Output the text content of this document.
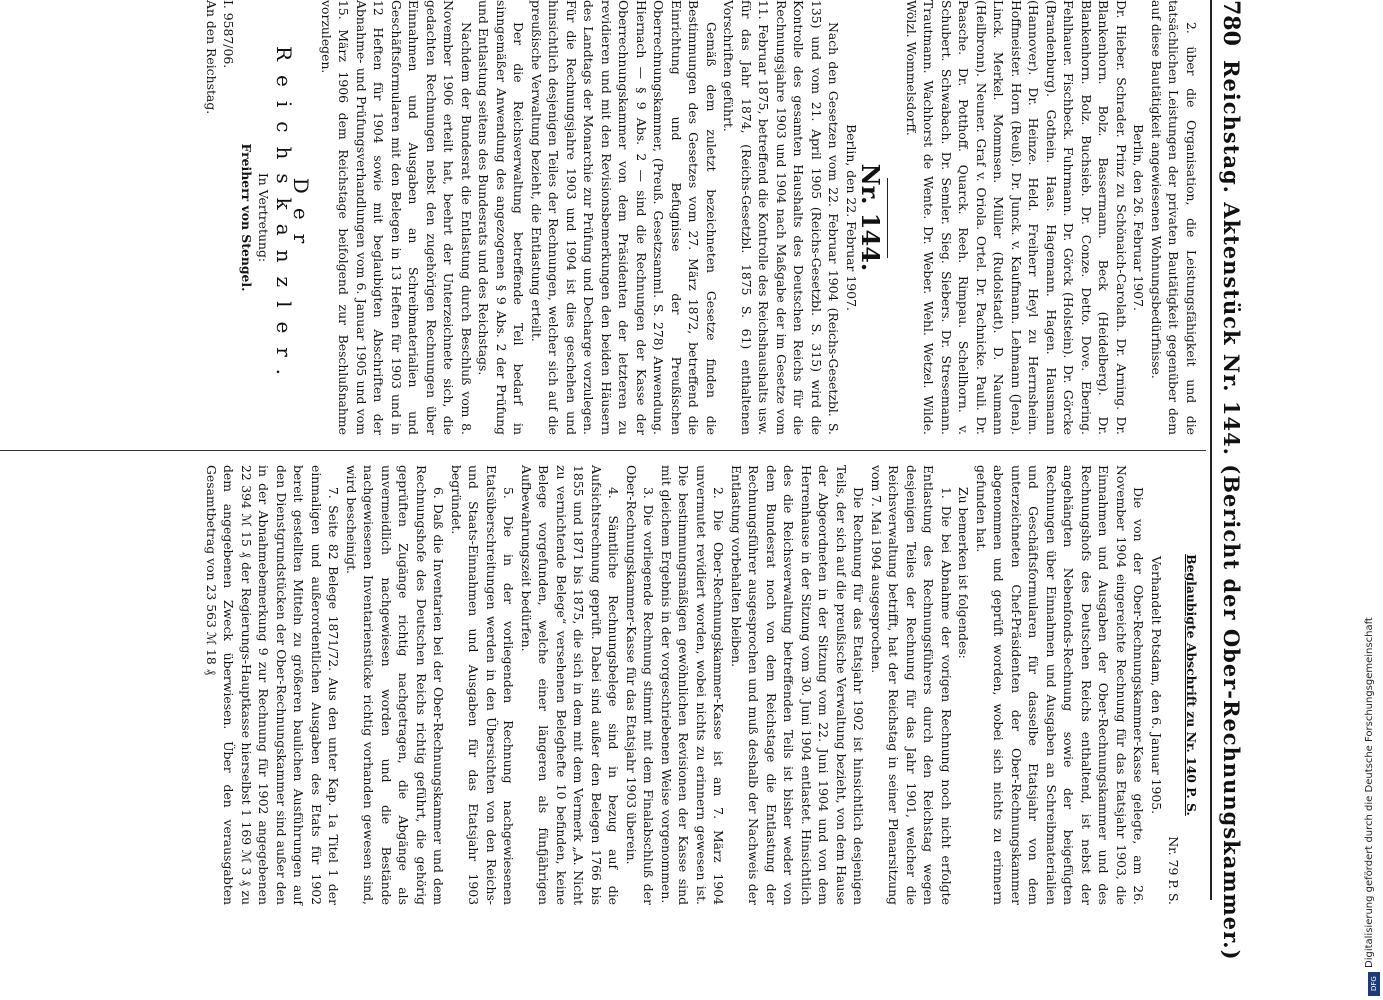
780
Reichstag. Aktenstück Nr. 144. (Bericht der Ober-Rechnungskammer.)

2. über die Organisation, die Leistungsfähigkeit und die tatsächlichen Leistungen der privaten Bautätigkeit gegenüber dem auf diese Bautätigkeit angewiesenen Wohnungsbedürfnisse.

Berlin, den 26. Februar 1907.

Dr. Hieber. Schrader. Prinz zu Schönaich-Carolath. Dr. Arning. Dr. Blankenhorn. Bolz. Bassermann. Beck (Heidelberg). Dr. Blankenhorn. Bolz. Buchsieb. Dr. Conze. Detto. Dove. Ebering. Fehlhauer. Fischbeck. Fuhrmann. Dr. Görck (Holstein). Dr. Görcke (Brandenburg). Gothein. Haas. Hagemann. Hagen. Hausmann (Hannover). Dr. Heinze. Held. Freiherr Heyl zu Herrnsheim. Hoffmeister. Horn (Reuß). Dr. Junck. v. Kaufmann. Lehmann (Jena). Linck. Merkel. Mommsen. Müller (Rudolstadt). D. Naumann (Heilbronn). Neuner. Graf v. Oriola. Ortel. Dr. Pachnicke. Pauli. Dr. Paasche. Dr. Potthoff. Quarck. Reeh. Rimpau. Schellhorn. v. Schubert. Schwabach. Dr. Semler. Sieg. Siebers. Dr. Stresemann. Trautmann. Wachhorst de Wente. Dr. Weber. Wehl. Wetzel. Wilde. Wölzl. Wommelsdorff.

Nr. 144.

Berlin, den 22. Februar 1907.

Nach den Gesetzen vom 22. Februar 1904 (Reichs-Gesetzbl. S. 135) und vom 21. April 1905 (Reichs-Gesetzbl. S. 315) wird die Kontrolle des gesamten Haushalts des Deutschen Reichs für die Rechnungsjahre 1903 und 1904 nach Maßgabe der im Gesetze vom 11. Februar 1875, betreffend die Kontrolle des Reichshaushalts usw. für das Jahr 1874, (Reichs-Gesetzbl. 1875 S. 61) enthaltenen Vorschriften geführt.

Gemäß dem zuletzt bezeichneten Gesetze finden die Bestimmungen des Gesetzes vom 27. März 1872, betreffend die Einrichtung und Befugnisse der Preußischen Oberrechnungskammer, (Preuß. Gesetzsamml. S. 278) Anwendung. Hiernach — § 9 Abs. 2 — sind die Rechnungen der Kasse der Oberrechnungskammer von dem Präsidenten der letzteren zu revidieren und mit den Revisionsbemerkungen den beiden Häusern des Landtags der Monarchie zur Prüfung und Decharge vorzulegen. Für die Rechnungsjahre 1903 und 1904 ist dies geschehen und hinsichtlich desjenigen Teiles der Rechnungen, welcher sich auf die preußische Verwaltung bezieht, die Entlastung erteilt.

Der die Reichsverwaltung betreffende Teil bedarf in sinngemäßer Anwendung des angezogenen § 9 Abs. 2 der Prüfung und Entlastung seitens des Bundesrats und des Reichstags.

Nachdem der Bundesrat die Entlastung durch Beschluß vom 8. November 1906 erteilt hat, beehrt der Unterzeichnete sich, die gedachten Rechnungen nebst den zugehörigen Rechnungen über Einnahmen und Ausgaben an Schreibmaterialien und Geschäftsformularen mit den Belegen in 13 Heften für 1903 und in 12 Heften für 1904 sowie mit beglaubigten Abschriften der Abnahme- und Prüfungsverhandlungen vom 6. Januar 1905 und vom 15. März 1906 dem Reichstage beifolgend zur Beschlußnahme vorzulegen.

Der Reichskanzler.

In Vertretung:

Freiherr von Stengel.

I. 9587/06.

An den Reichstag.

Beglaubigte Abschrift zu Nr. 140 P. S.

Nr. 79 P. S.

Verhandelt Potsdam, den 6. Januar 1905.

Die von der Ober-Rechnungskammer-Kasse gelegte, am 26. November 1904 eingereichte Rechnung für das Etatsjahr 1903, die Einnahmen und Ausgaben der Ober-Rechnungskammer und des Rechnungshofs des Deutschen Reichs enthaltend, ist nebst der angehängten Nebenfonds-Rechnung sowie der beigefügten Rechnungen über Einnahmen und Ausgaben an Schreibmaterialien und Geschäftsformularen für dasselbe Etatsjahr von dem unterzeichneten Chef-Präsidenten der Ober-Rechnungskammer abgenommen und geprüft worden, wobei sich nichts zu erinnern gefunden hat.

Zu bemerken ist folgendes:

1. Die bei Abnahme der vorigen Rechnung noch nicht erfolgte Entlastung des Rechnungsführers durch den Reichstag wegen desjenigen Teiles der Rechnung für das Jahr 1901, welcher die Reichsverwaltung betrifft, hat der Reichstag in seiner Plenarsitzung vom 7. Mai 1904 ausgesprochen.

Die Rechnung für das Etatsjahr 1902 ist hinsichtlich desjenigen Teils, der sich auf die preußische Verwaltung bezieht, von dem Hause der Abgeordneten in der Sitzung vom 22. Juni 1904 und von dem Herrenhause in der Sitzung vom 30. Juni 1904 entlastet. Hinsichtlich des die Reichsverwaltung betreffenden Teils ist bisher weder von dem Bundesrat noch von dem Reichstage die Entlastung der Rechnungsführer ausgesprochen und muß deshalb der Nachweis der Entlastung vorbehalten bleiben.

2. Die Ober-Rechnungskammer-Kasse ist am 7. März 1904 unvermutet revidiert worden, wobei nichts zu erinnern gewesen ist. Die bestimmungsmäßigen gewöhnlichen Revisionen der Kasse sind mit gleichem Ergebnis in der vorgeschriebenen Weise vorgenommen.

3. Die vorliegende Rechnung stimmt mit dem Finalabschluß der Ober-Rechnungskammer-Kasse für das Etatsjahr 1903 überein.

4. Sämtliche Rechnungsbelege sind in bezug auf die Aufsichtsrechnung geprüft. Dabei sind außer den Belegen 1766 bis 1855 und 1871 bis 1875, die sich in dem mit dem Vermerk „A. Nicht zu vernichtende Belege“ versehenen Beleghefte 10 befinden, keine Belege vorgefunden, welche einer längeren als fünfjährigen Aufbewahrungszeit bedürfen.

5. Die in der vorliegenden Rechnung nachgewiesenen Etatsüberschreitungen werden in den Übersichten von den Reichs- und Staats-Einnahmen und Ausgaben für das Etatsjahr 1903 begründet.

6. Daß die Inventarien bei der Ober-Rechnungskammer und dem Rechnungshofe des Deutschen Reichs richtig geführt, die gehörig geprüften Zugänge richtig nachgetragen, die Abgänge als unvermeidlich nachgewiesen worden und die Bestände nachgewiesenen Inventarienstücke richtig vorhanden gewesen sind, wird bescheinigt.

7. Seite 82 Belege 1871/72. Aus den unter Kap. 1a Titel 1 der einmaligen und außerordentlichen Ausgaben des Etats für 1902 bereit gestellten Mitteln zu größeren baulichen Ausführungen auf den Dienstgrundstücken der Ober-Rechnungskammer sind außer den in der Abnahmebemerkung 9 zur Rechnung für 1902 angegebenen 22 394 ℳ 15 ₰ der Regierungs-Hauptkasse hierselbst 1 169 ℳ 3 ₰ zu dem angegebenen Zweck überwiesen. Über den verausgabten Gesamtbetrag von 23 563 ℳ 18 ₰

Digitalisierung gefördert durch die Deutsche Forschungsgemeinschaft
DFG
